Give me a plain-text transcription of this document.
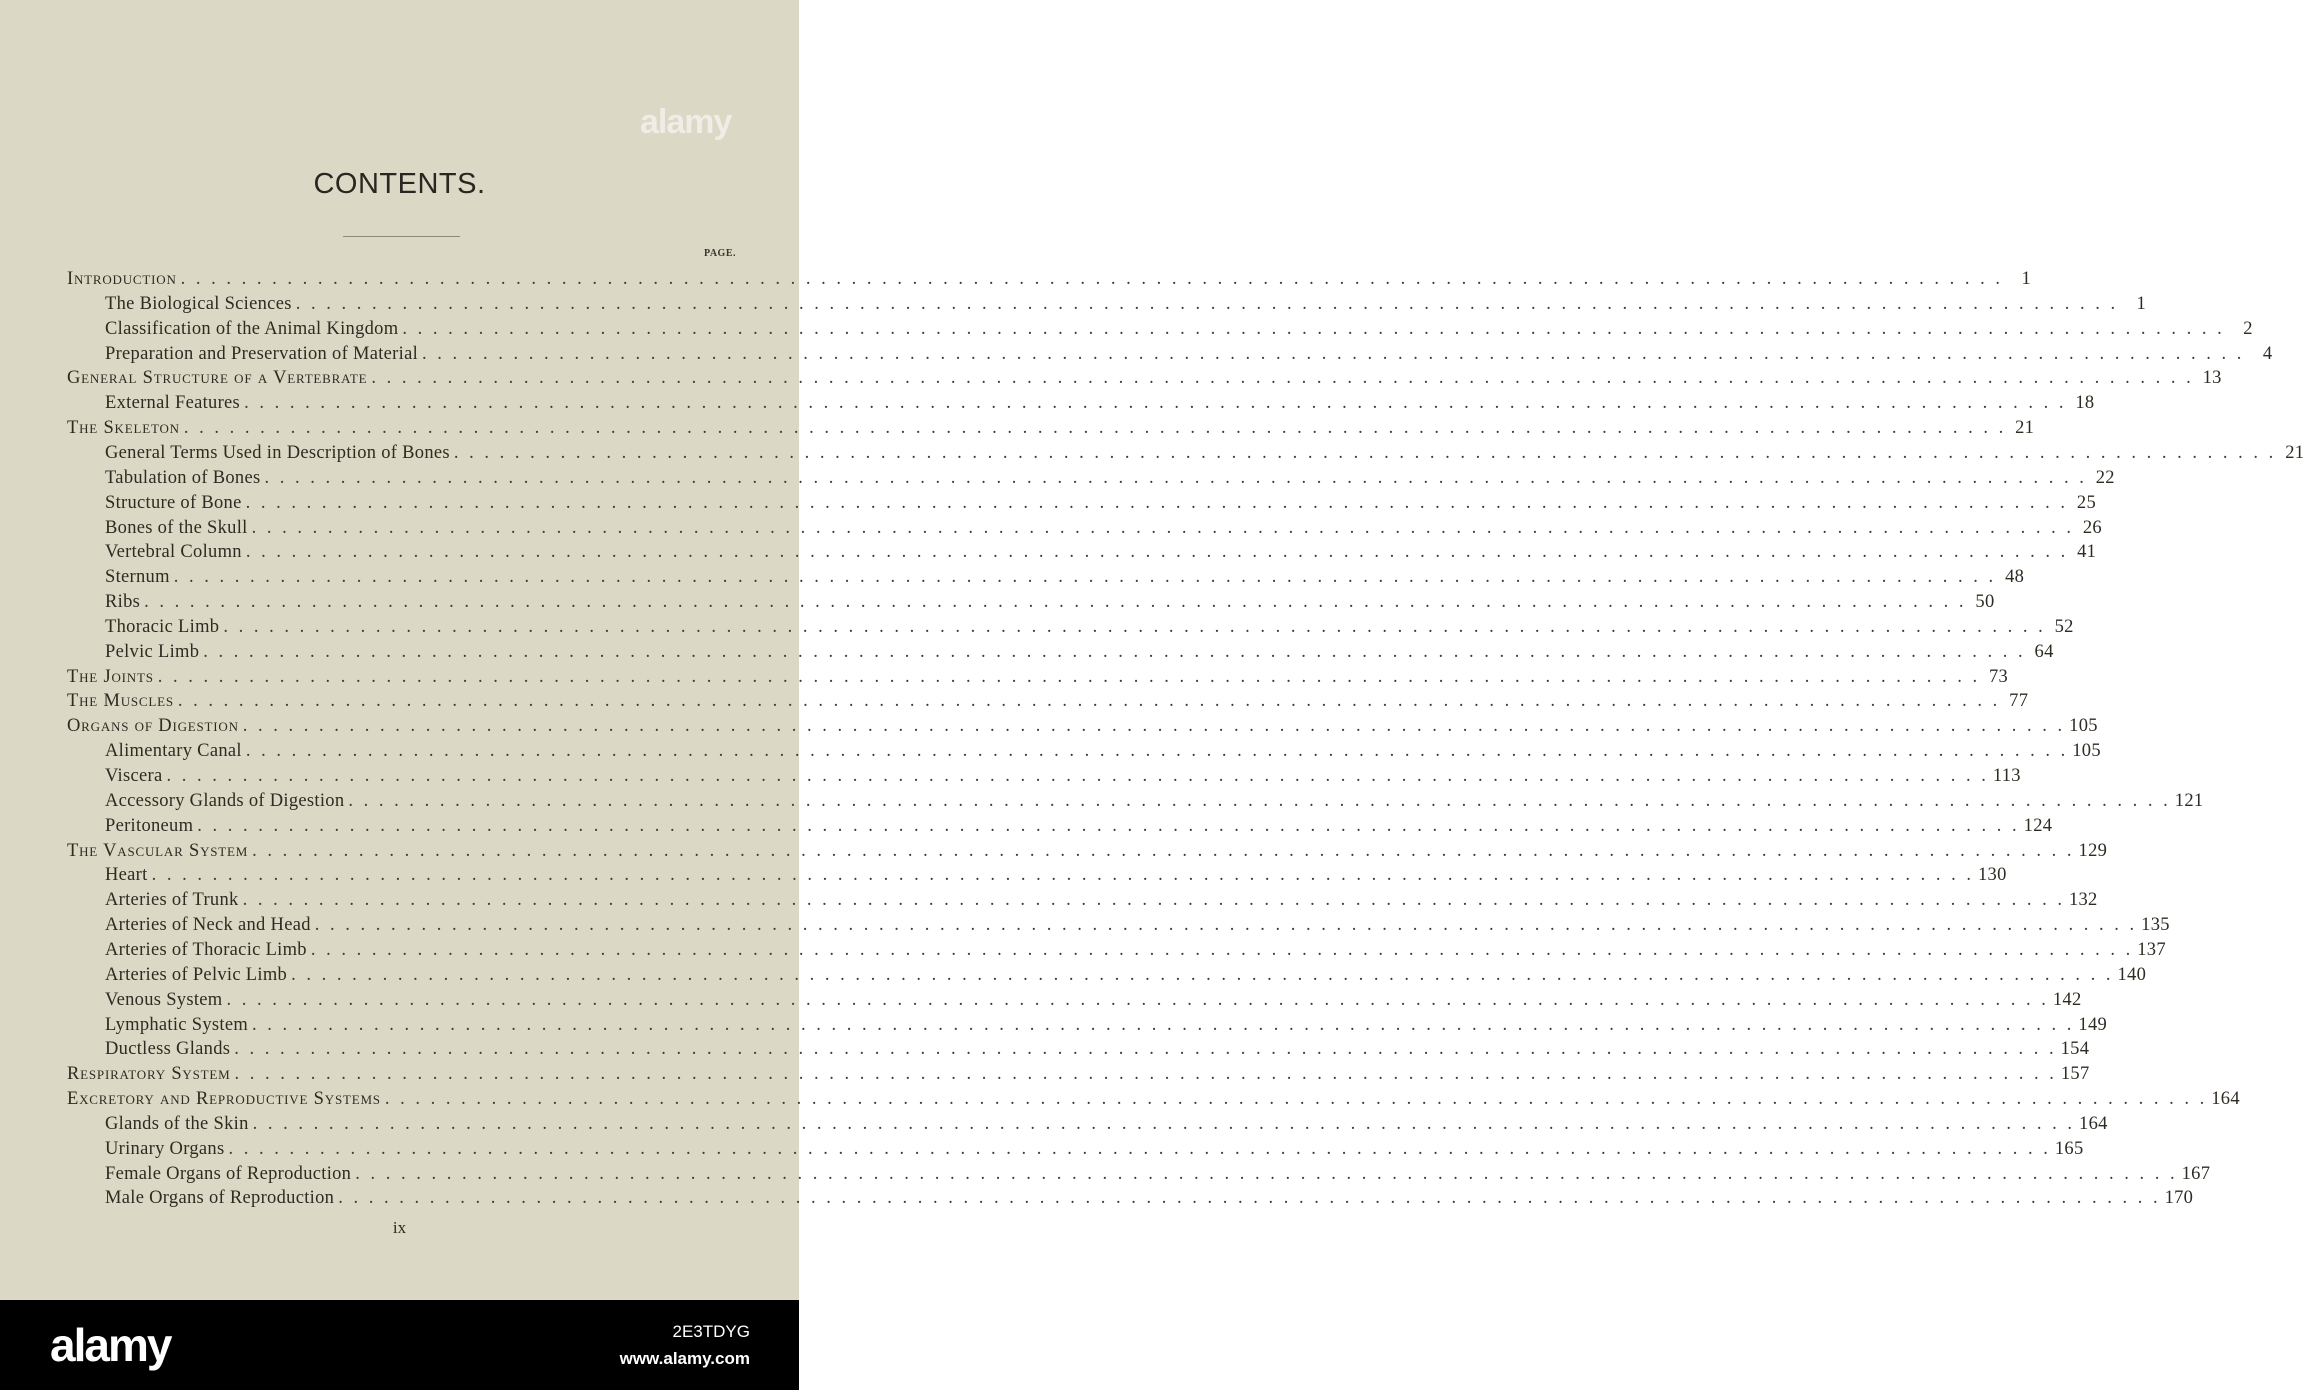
alamy
CONTENTS.
PAGE.
Introduction . . . . . . . . . . . . . . . . . . . . . . . . . . . . . . . . . . . . . . . . . . . . . . . . . . . . . . . . . . . . . . . . . . . . . . . . . . . . . . . . . . . . . . . . . . . . . . . . . . . . . . . . . . . . . . . . . . . . . . . . 1
The Biological Sciences . . . . . . . . . . . . . . . . . . . . . . . . . . . . . . . . . . . . . . . . . . . . . . . . . . . . . . . . . . . . . . . . . . . . . . . . . . . . . . . . . . . . . . . . . . . . . . . . . . . . . . . . . . . . . . . . . . . . . . . . 1
Classification of the Animal Kingdom . . . . . . . . . . . . . . . . . . . . . . . . . . . . . . . . . . . . . . . . . . . . . . . . . . . . . . . . . . . . . . . . . . . . . . . . . . . . . . . . . . . . . . . . . . . . . . . . . . . . . . . . . . . . . . . . . . . . . . . . 2
Preparation and Preservation of Material . . . . . . . . . . . . . . . . . . . . . . . . . . . . . . . . . . . . . . . . . . . . . . . . . . . . . . . . . . . . . . . . . . . . . . . . . . . . . . . . . . . . . . . . . . . . . . . . . . . . . . . . . . . . . . . . . . . . . . . . 4
General Structure of a Vertebrate . . . . . . . . . . . . . . . . . . . . . . . . . . . . . . . . . . . . . . . . . . . . . . . . . . . . . . . . . . . . . . . . . . . . . . . . . . . . . . . . . . . . . . . . . . . . . . . . . . . . . . . . . . . . . . . . . . . . . . . . 13
External Features . . . . . . . . . . . . . . . . . . . . . . . . . . . . . . . . . . . . . . . . . . . . . . . . . . . . . . . . . . . . . . . . . . . . . . . . . . . . . . . . . . . . . . . . . . . . . . . . . . . . . . . . . . . . . . . . . . . . . . . . 18
The Skeleton . . . . . . . . . . . . . . . . . . . . . . . . . . . . . . . . . . . . . . . . . . . . . . . . . . . . . . . . . . . . . . . . . . . . . . . . . . . . . . . . . . . . . . . . . . . . . . . . . . . . . . . . . . . . . . . . . . . . . . . . 21
General Terms Used in Description of Bones . . . . . . . . . . . . . . . . . . . . . . . . . . . . . . . . . . . . . . . . . . . . . . . . . . . . . . . . . . . . . . . . . . . . . . . . . . . . . . . . . . . . . . . . . . . . . . . . . . . . . . . . . . . . . . . . . . . . . . . . 21
Tabulation of Bones . . . . . . . . . . . . . . . . . . . . . . . . . . . . . . . . . . . . . . . . . . . . . . . . . . . . . . . . . . . . . . . . . . . . . . . . . . . . . . . . . . . . . . . . . . . . . . . . . . . . . . . . . . . . . . . . . . . . . . . . 22
Structure of Bone . . . . . . . . . . . . . . . . . . . . . . . . . . . . . . . . . . . . . . . . . . . . . . . . . . . . . . . . . . . . . . . . . . . . . . . . . . . . . . . . . . . . . . . . . . . . . . . . . . . . . . . . . . . . . . . . . . . . . . . . 25
Bones of the Skull . . . . . . . . . . . . . . . . . . . . . . . . . . . . . . . . . . . . . . . . . . . . . . . . . . . . . . . . . . . . . . . . . . . . . . . . . . . . . . . . . . . . . . . . . . . . . . . . . . . . . . . . . . . . . . . . . . . . . . . . 26
Vertebral Column . . . . . . . . . . . . . . . . . . . . . . . . . . . . . . . . . . . . . . . . . . . . . . . . . . . . . . . . . . . . . . . . . . . . . . . . . . . . . . . . . . . . . . . . . . . . . . . . . . . . . . . . . . . . . . . . . . . . . . . . 41
Sternum . . . . . . . . . . . . . . . . . . . . . . . . . . . . . . . . . . . . . . . . . . . . . . . . . . . . . . . . . . . . . . . . . . . . . . . . . . . . . . . . . . . . . . . . . . . . . . . . . . . . . . . . . . . . . . . . . . . . . . . . 48
Ribs . . . . . . . . . . . . . . . . . . . . . . . . . . . . . . . . . . . . . . . . . . . . . . . . . . . . . . . . . . . . . . . . . . . . . . . . . . . . . . . . . . . . . . . . . . . . . . . . . . . . . . . . . . . . . . . . . . . . . . . . 50
Thoracic Limb . . . . . . . . . . . . . . . . . . . . . . . . . . . . . . . . . . . . . . . . . . . . . . . . . . . . . . . . . . . . . . . . . . . . . . . . . . . . . . . . . . . . . . . . . . . . . . . . . . . . . . . . . . . . . . . . . . . . . . . . 52
Pelvic Limb . . . . . . . . . . . . . . . . . . . . . . . . . . . . . . . . . . . . . . . . . . . . . . . . . . . . . . . . . . . . . . . . . . . . . . . . . . . . . . . . . . . . . . . . . . . . . . . . . . . . . . . . . . . . . . . . . . . . . . . . 64
The Joints . . . . . . . . . . . . . . . . . . . . . . . . . . . . . . . . . . . . . . . . . . . . . . . . . . . . . . . . . . . . . . . . . . . . . . . . . . . . . . . . . . . . . . . . . . . . . . . . . . . . . . . . . . . . . . . . . . . . . . . . 73
The Muscles . . . . . . . . . . . . . . . . . . . . . . . . . . . . . . . . . . . . . . . . . . . . . . . . . . . . . . . . . . . . . . . . . . . . . . . . . . . . . . . . . . . . . . . . . . . . . . . . . . . . . . . . . . . . . . . . . . . . . . . . 77
Organs of Digestion . . . . . . . . . . . . . . . . . . . . . . . . . . . . . . . . . . . . . . . . . . . . . . . . . . . . . . . . . . . . . . . . . . . . . . . . . . . . . . . . . . . . . . . . . . . . . . . . . . . . . . . . . . . . . . . . . . . . . . . . 105
Alimentary Canal . . . . . . . . . . . . . . . . . . . . . . . . . . . . . . . . . . . . . . . . . . . . . . . . . . . . . . . . . . . . . . . . . . . . . . . . . . . . . . . . . . . . . . . . . . . . . . . . . . . . . . . . . . . . . . . . . . . . . . . . 105
Viscera . . . . . . . . . . . . . . . . . . . . . . . . . . . . . . . . . . . . . . . . . . . . . . . . . . . . . . . . . . . . . . . . . . . . . . . . . . . . . . . . . . . . . . . . . . . . . . . . . . . . . . . . . . . . . . . . . . . . . . . . 113
Accessory Glands of Digestion . . . . . . . . . . . . . . . . . . . . . . . . . . . . . . . . . . . . . . . . . . . . . . . . . . . . . . . . . . . . . . . . . . . . . . . . . . . . . . . . . . . . . . . . . . . . . . . . . . . . . . . . . . . . . . . . . . . . . . . . 121
Peritoneum . . . . . . . . . . . . . . . . . . . . . . . . . . . . . . . . . . . . . . . . . . . . . . . . . . . . . . . . . . . . . . . . . . . . . . . . . . . . . . . . . . . . . . . . . . . . . . . . . . . . . . . . . . . . . . . . . . . . . . . . 124
The Vascular System . . . . . . . . . . . . . . . . . . . . . . . . . . . . . . . . . . . . . . . . . . . . . . . . . . . . . . . . . . . . . . . . . . . . . . . . . . . . . . . . . . . . . . . . . . . . . . . . . . . . . . . . . . . . . . . . . . . . . . . . 129
Heart . . . . . . . . . . . . . . . . . . . . . . . . . . . . . . . . . . . . . . . . . . . . . . . . . . . . . . . . . . . . . . . . . . . . . . . . . . . . . . . . . . . . . . . . . . . . . . . . . . . . . . . . . . . . . . . . . . . . . . . . 130
Arteries of Trunk . . . . . . . . . . . . . . . . . . . . . . . . . . . . . . . . . . . . . . . . . . . . . . . . . . . . . . . . . . . . . . . . . . . . . . . . . . . . . . . . . . . . . . . . . . . . . . . . . . . . . . . . . . . . . . . . . . . . . . . . 132
Arteries of Neck and Head . . . . . . . . . . . . . . . . . . . . . . . . . . . . . . . . . . . . . . . . . . . . . . . . . . . . . . . . . . . . . . . . . . . . . . . . . . . . . . . . . . . . . . . . . . . . . . . . . . . . . . . . . . . . . . . . . . . . . . . . 135
Arteries of Thoracic Limb . . . . . . . . . . . . . . . . . . . . . . . . . . . . . . . . . . . . . . . . . . . . . . . . . . . . . . . . . . . . . . . . . . . . . . . . . . . . . . . . . . . . . . . . . . . . . . . . . . . . . . . . . . . . . . . . . . . . . . . . 137
Arteries of Pelvic Limb . . . . . . . . . . . . . . . . . . . . . . . . . . . . . . . . . . . . . . . . . . . . . . . . . . . . . . . . . . . . . . . . . . . . . . . . . . . . . . . . . . . . . . . . . . . . . . . . . . . . . . . . . . . . . . . . . . . . . . . . 140
Venous System . . . . . . . . . . . . . . . . . . . . . . . . . . . . . . . . . . . . . . . . . . . . . . . . . . . . . . . . . . . . . . . . . . . . . . . . . . . . . . . . . . . . . . . . . . . . . . . . . . . . . . . . . . . . . . . . . . . . . . . . 142
Lymphatic System . . . . . . . . . . . . . . . . . . . . . . . . . . . . . . . . . . . . . . . . . . . . . . . . . . . . . . . . . . . . . . . . . . . . . . . . . . . . . . . . . . . . . . . . . . . . . . . . . . . . . . . . . . . . . . . . . . . . . . . . 149
Ductless Glands . . . . . . . . . . . . . . . . . . . . . . . . . . . . . . . . . . . . . . . . . . . . . . . . . . . . . . . . . . . . . . . . . . . . . . . . . . . . . . . . . . . . . . . . . . . . . . . . . . . . . . . . . . . . . . . . . . . . . . . . 154
Respiratory System . . . . . . . . . . . . . . . . . . . . . . . . . . . . . . . . . . . . . . . . . . . . . . . . . . . . . . . . . . . . . . . . . . . . . . . . . . . . . . . . . . . . . . . . . . . . . . . . . . . . . . . . . . . . . . . . . . . . . . . . 157
Excretory and Reproductive Systems . . . . . . . . . . . . . . . . . . . . . . . . . . . . . . . . . . . . . . . . . . . . . . . . . . . . . . . . . . . . . . . . . . . . . . . . . . . . . . . . . . . . . . . . . . . . . . . . . . . . . . . . . . . . . . . . . . . . . . . . 164
Glands of the Skin . . . . . . . . . . . . . . . . . . . . . . . . . . . . . . . . . . . . . . . . . . . . . . . . . . . . . . . . . . . . . . . . . . . . . . . . . . . . . . . . . . . . . . . . . . . . . . . . . . . . . . . . . . . . . . . . . . . . . . . . 164
Urinary Organs . . . . . . . . . . . . . . . . . . . . . . . . . . . . . . . . . . . . . . . . . . . . . . . . . . . . . . . . . . . . . . . . . . . . . . . . . . . . . . . . . . . . . . . . . . . . . . . . . . . . . . . . . . . . . . . . . . . . . . . . 165
Female Organs of Reproduction . . . . . . . . . . . . . . . . . . . . . . . . . . . . . . . . . . . . . . . . . . . . . . . . . . . . . . . . . . . . . . . . . . . . . . . . . . . . . . . . . . . . . . . . . . . . . . . . . . . . . . . . . . . . . . . . . . . . . . . . 167
Male Organs of Reproduction . . . . . . . . . . . . . . . . . . . . . . . . . . . . . . . . . . . . . . . . . . . . . . . . . . . . . . . . . . . . . . . . . . . . . . . . . . . . . . . . . . . . . . . . . . . . . . . . . . . . . . . . . . . . . . . . . . . . . . . . 170
ix
alamy	2E3TDYG
www.alamy.com
